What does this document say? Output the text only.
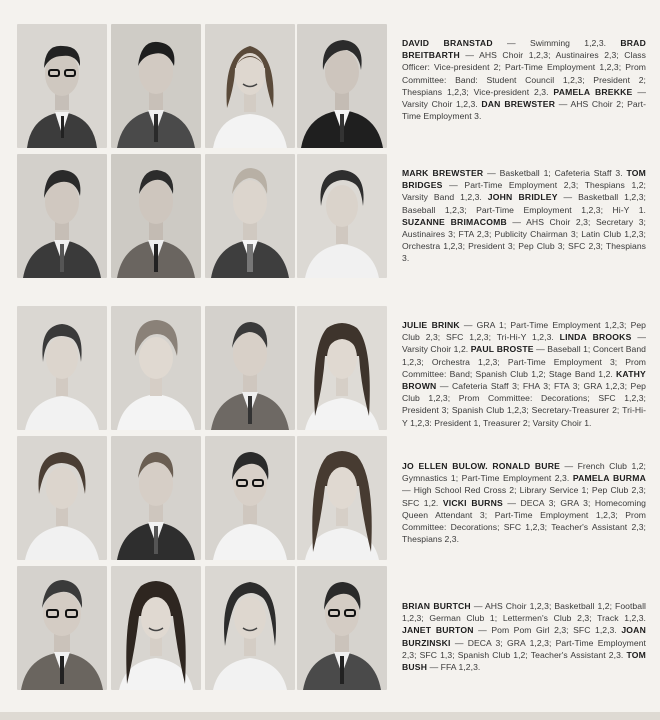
DAVID BRANSTAD — Swimming 1,2,3. BRAD BREITBARTH — AHS Choir 1,2,3; Austinaires 2,3; Class Officer: Vice-president 2; Part-Time Employment 1,2,3; Prom Committee: Band: Student Council 1,2,3; President 2; Thespians 1,2,3; Vice-president 2,3. PAMELA BREKKE — Varsity Choir 1,2,3. DAN BREWSTER — AHS Choir 2; Part-Time Employment 3.
MARK BREWSTER — Basketball 1; Cafeteria Staff 3. TOM BRIDGES — Part-Time Employment 2,3; Thespians 1,2; Varsity Band 1,2,3. JOHN BRIDLEY — Basketball 1,2,3; Baseball 1,2,3; Part-Time Employment 1,2,3; Hi-Y 1. SUZANNE BRIMACOMB — AHS Choir 2,3; Secretary 3; Austinaires 3; FTA 2,3; Publicity Chairman 3; Latin Club 1,2,3; Orchestra 1,2,3; President 3; Pep Club 3; SFC 2,3; Thespians 3.
JULIE BRINK — GRA 1; Part-Time Employment 1,2,3; Pep Club 2,3; SFC 1,2,3; Tri-Hi-Y 1,2,3. LINDA BROOKS — Varsity Choir 1,2. PAUL BROSTE — Baseball 1; Concert Band 1,2,3; Orchestra 1,2,3; Part-Time Employment 3; Prom Committee: Band; Spanish Club 1,2; Stage Band 1,2. KATHY BROWN — Cafeteria Staff 3; FHA 3; FTA 3; GRA 1,2,3; Pep Club 1,2,3; Prom Committee: Decorations; SFC 1,2,3; President 3; Spanish Club 1,2,3; Secretary-Treasurer 2; Tri-Hi-Y 1,2,3: President 1, Treasurer 2; Varsity Choir 1.
JO ELLEN BULOW. RONALD BURE — French Club 1,2; Gymnastics 1; Part-Time Employment 2,3. PAMELA BURMA — High School Red Cross 2; Library Service 1; Pep Club 2,3; SFC 1,2. VICKI BURNS — DECA 3; GRA 3; Homecoming Queen Attendant 3; Part-Time Employment 1,2,3; Prom Committee: Decorations; SFC 1,2,3; Teacher's Assistant 2,3; Thespians 2,3.
BRIAN BURTCH — AHS Choir 1,2,3; Basketball 1,2; Football 1,2,3; German Club 1; Lettermen's Club 2,3; Track 1,2,3. JANET BURTON — Pom Pom Girl 2,3; SFC 1,2,3. JOAN BURZINSKI — DECA 3; GRA 1,2,3; Part-Time Employment 2,3; SFC 1,3; Spanish Club 1,2; Teacher's Assistant 2,3. TOM BUSH — FFA 1,2,3.
